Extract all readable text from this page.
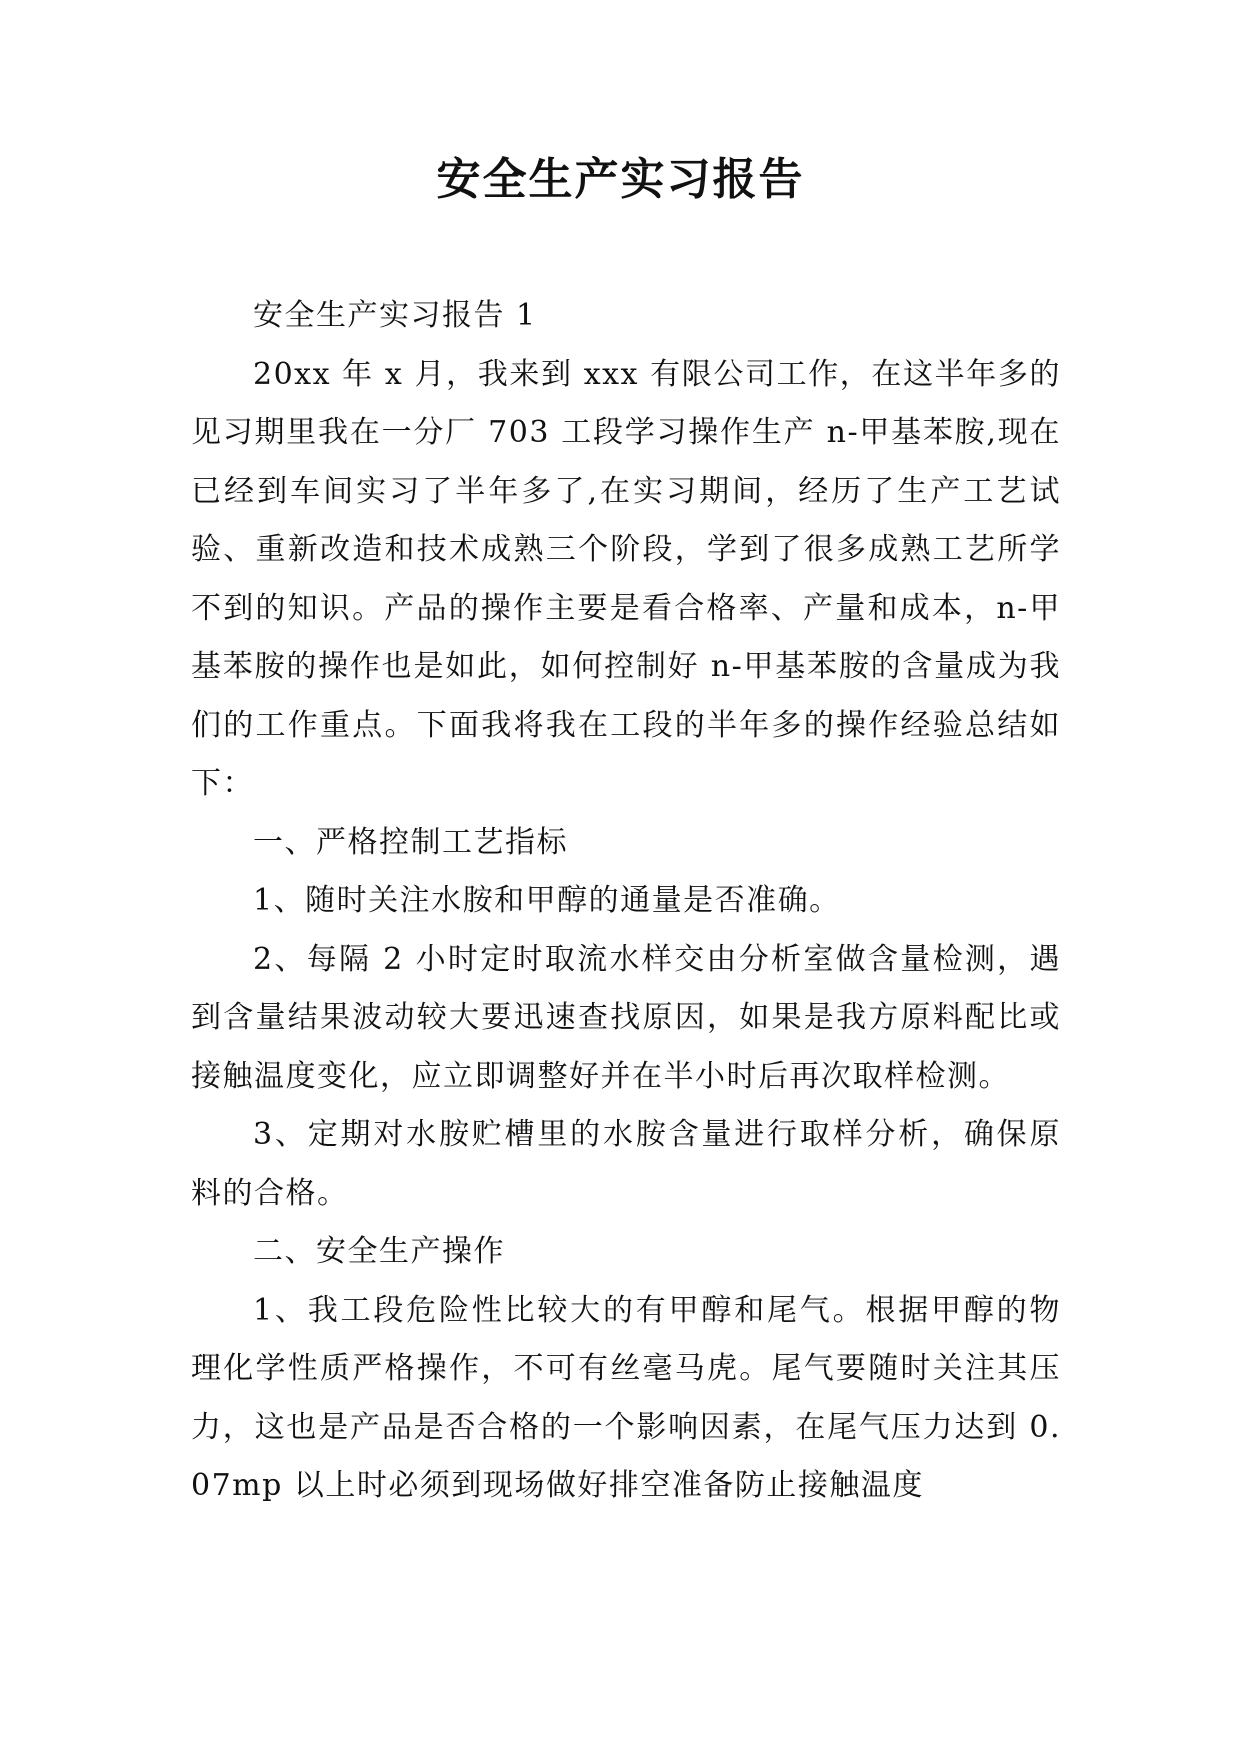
安全生产实习报告

安全生产实习报告 1

20xx 年 x 月，我来到 xxx 有限公司工作，在这半年多的见习期里我在一分厂 703 工段学习操作生产 n-甲基苯胺,现在已经到车间实习了半年多了,在实习期间，经历了生产工艺试验、重新改造和技术成熟三个阶段，学到了很多成熟工艺所学不到的知识。产品的操作主要是看合格率、产量和成本，n-甲基苯胺的操作也是如此，如何控制好 n-甲基苯胺的含量成为我们的工作重点。下面我将我在工段的半年多的操作经验总结如下：

一、严格控制工艺指标

1、随时关注水胺和甲醇的通量是否准确。

2、每隔 2 小时定时取流水样交由分析室做含量检测，遇到含量结果波动较大要迅速查找原因，如果是我方原料配比或接触温度变化，应立即调整好并在半小时后再次取样检测。

3、定期对水胺贮槽里的水胺含量进行取样分析，确保原料的合格。

二、安全生产操作

1、我工段危险性比较大的有甲醇和尾气。根据甲醇的物理化学性质严格操作，不可有丝毫马虎。尾气要随时关注其压力，这也是产品是否合格的一个影响因素，在尾气压力达到 0.07mp 以上时必须到现场做好排空准备防止接触温度
